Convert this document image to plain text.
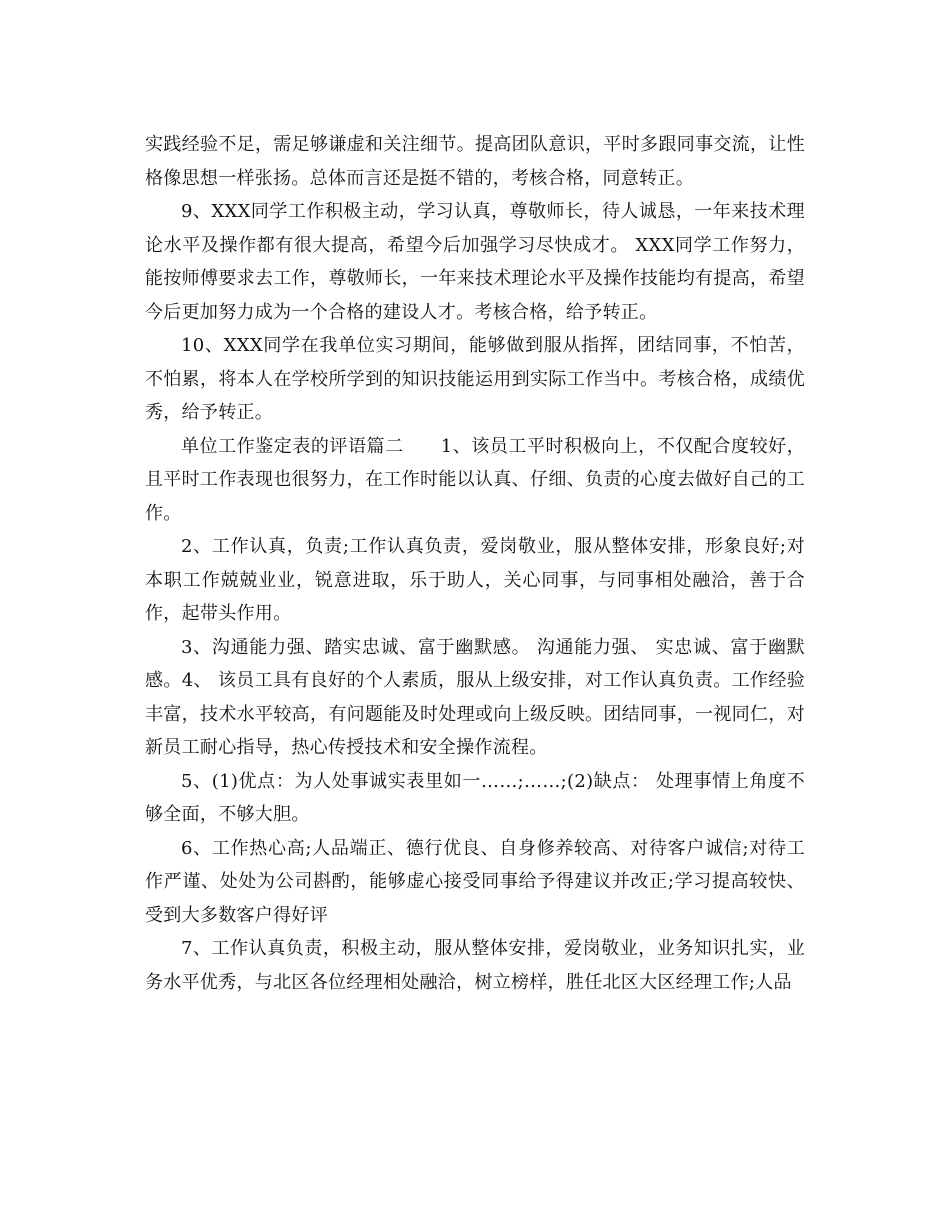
实践经验不足，需足够谦虚和关注细节。提高团队意识，平时多跟同事交流，让性格像思想一样张扬。总体而言还是挺不错的，考核合格，同意转正。

9、XXX同学工作积极主动，学习认真，尊敬师长，待人诚恳，一年来技术理论水平及操作都有很大提高，希望今后加强学习尽快成才。 XXX同学工作努力，能按师傅要求去工作，尊敬师长，一年来技术理论水平及操作技能均有提高，希望今后更加努力成为一个合格的建设人才。考核合格，给予转正。

10、XXX同学在我单位实习期间，能够做到服从指挥，团结同事，不怕苦，不怕累，将本人在学校所学到的知识技能运用到实际工作当中。考核合格，成绩优秀，给予转正。

单位工作鉴定表的评语篇二　　1、该员工平时积极向上，不仅配合度较好，且平时工作表现也很努力，在工作时能以认真、仔细、负责的心度去做好自己的工作。

2、工作认真，负责;工作认真负责，爱岗敬业，服从整体安排，形象良好;对本职工作兢兢业业，锐意进取，乐于助人，关心同事，与同事相处融洽，善于合作，起带头作用。

3、沟通能力强、踏实忠诚、富于幽默感。 沟通能力强、 实忠诚、富于幽默感。4、 该员工具有良好的个人素质，服从上级安排，对工作认真负责。工作经验丰富，技术水平较高，有问题能及时处理或向上级反映。团结同事，一视同仁，对新员工耐心指导，热心传授技术和安全操作流程。

5、(1)优点：为人处事诚实表里如一……;……;(2)缺点： 处理事情上角度不够全面，不够大胆。

6、工作热心高;人品端正、德行优良、自身修养较高、对待客户诚信;对待工作严谨、处处为公司斟酌，能够虚心接受同事给予得建议并改正;学习提高较快、受到大多数客户得好评

7、工作认真负责，积极主动，服从整体安排，爱岗敬业，业务知识扎实，业务水平优秀，与北区各位经理相处融洽，树立榜样，胜任北区大区经理工作;人品
